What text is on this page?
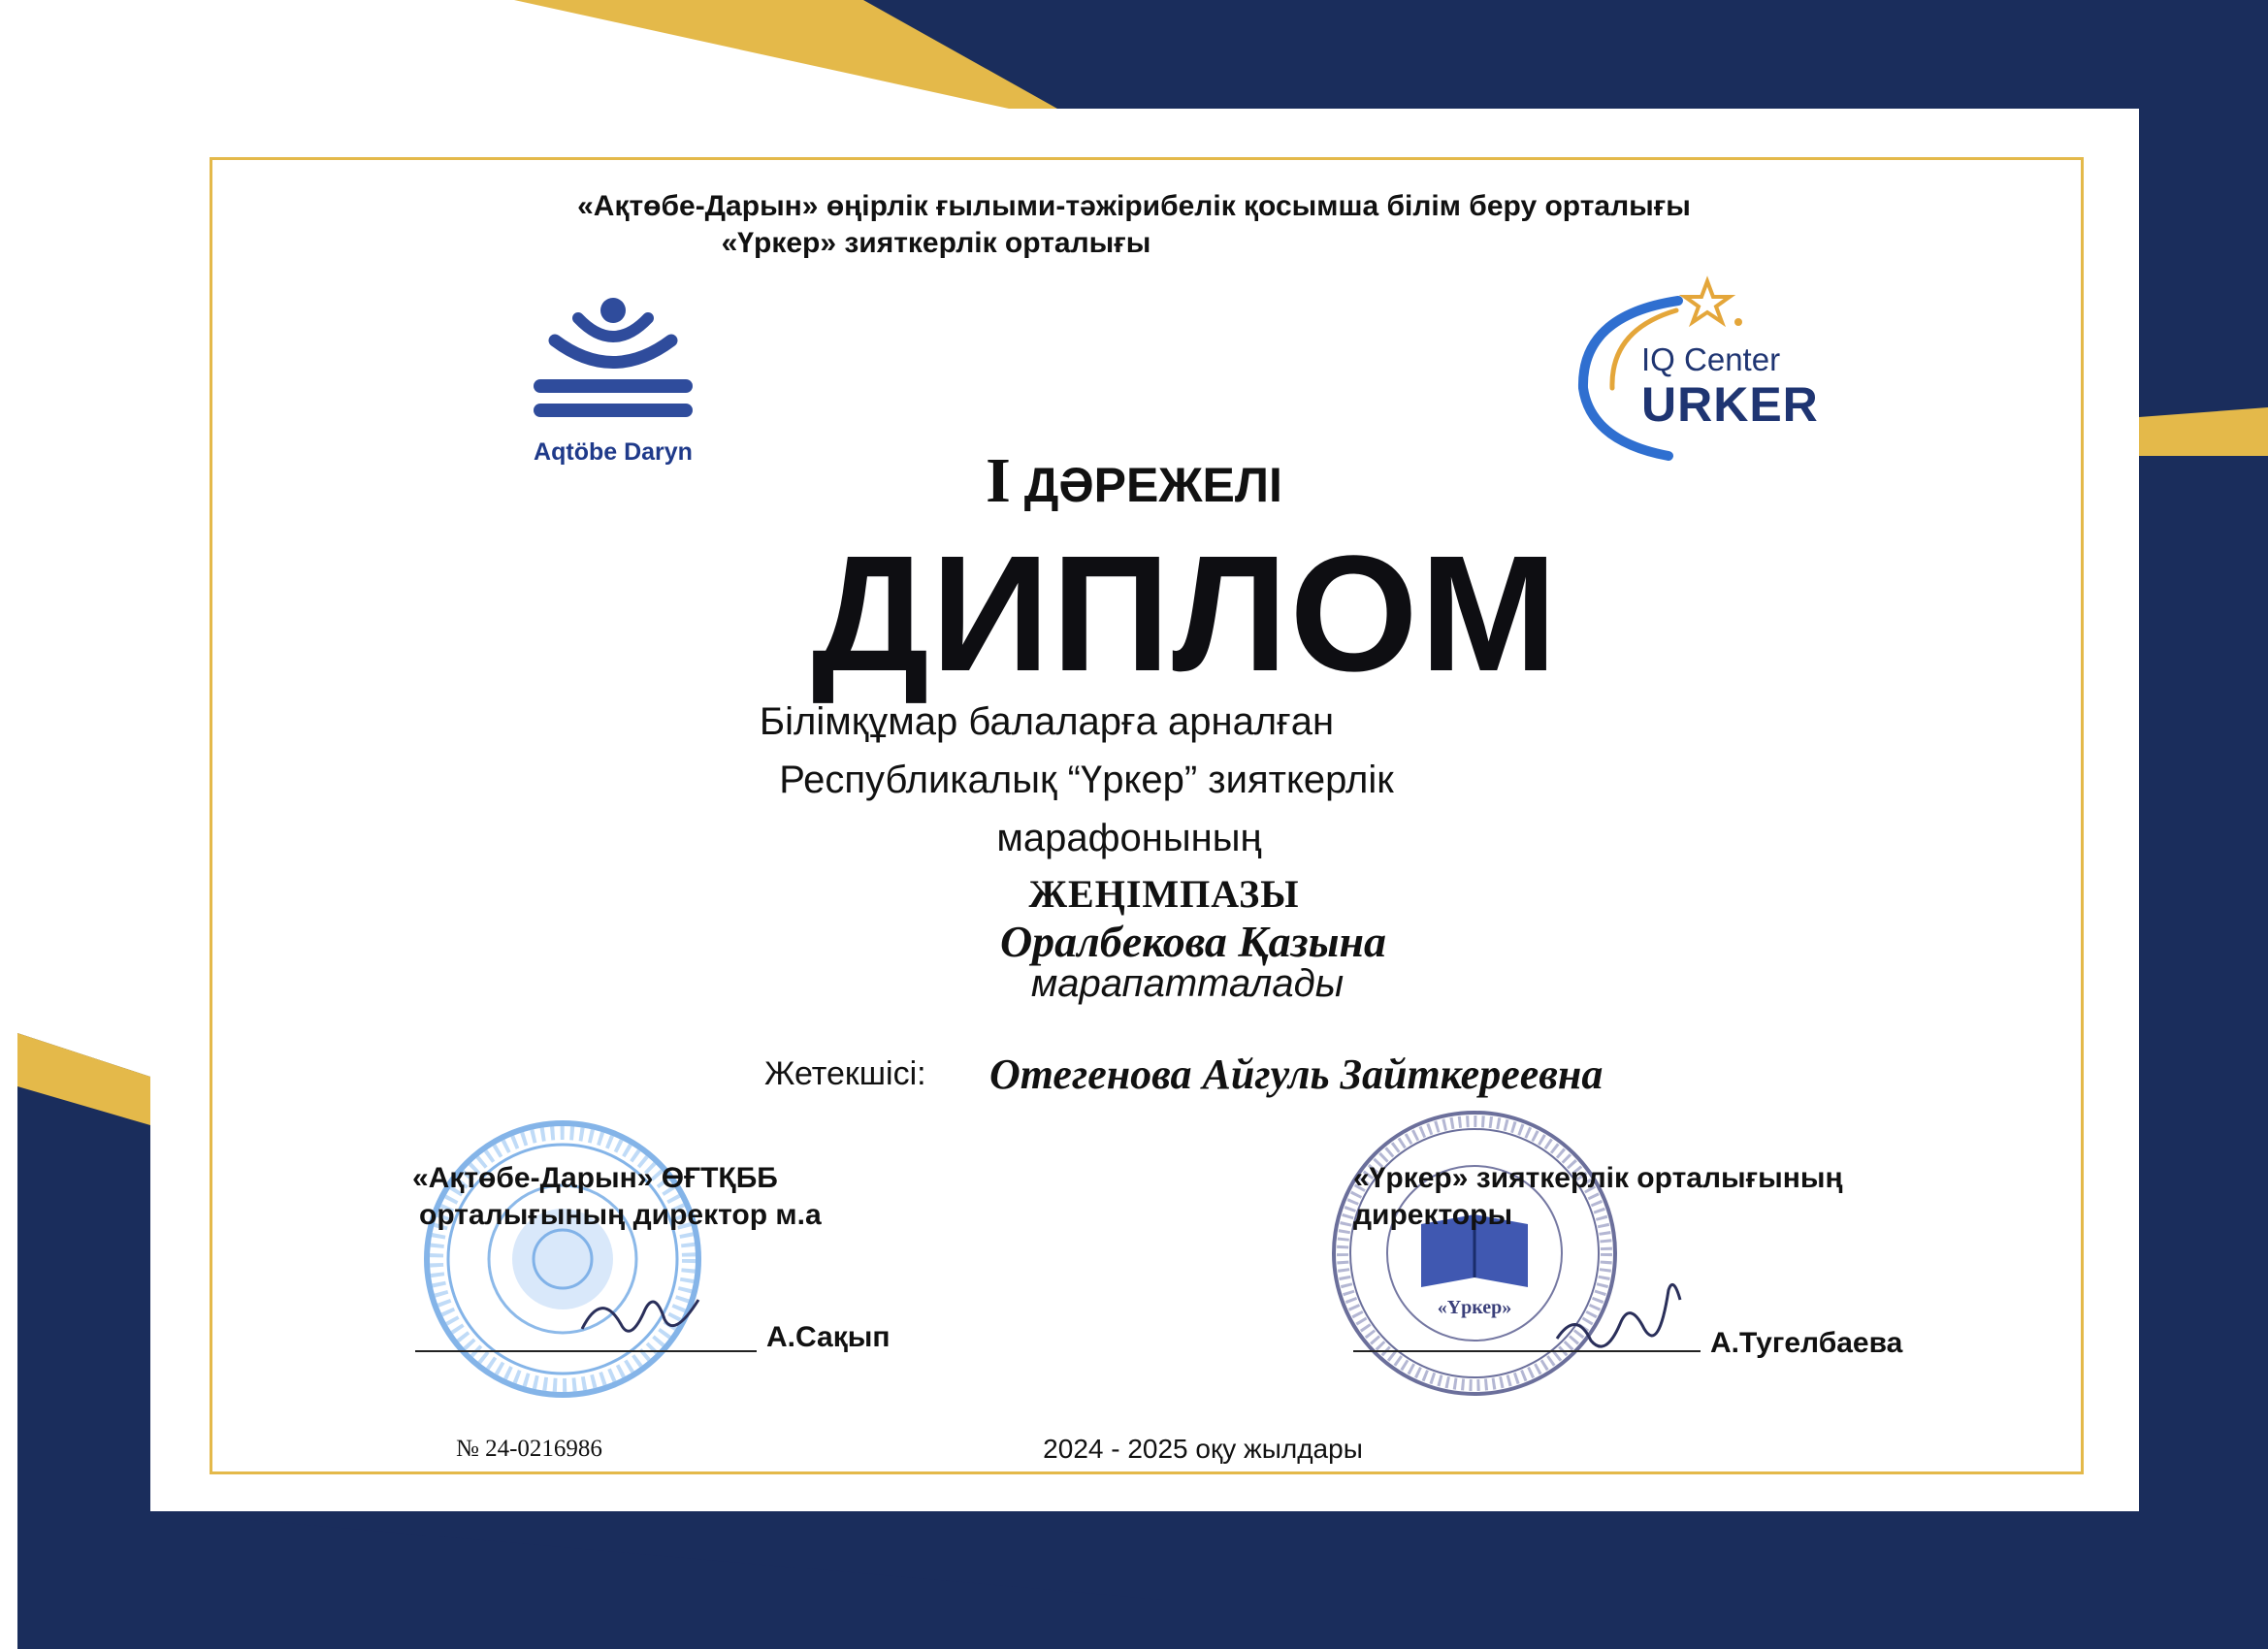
«Ақтөбе-Дарын» өңірлік ғылыми-тәжірибелік қосымша білім беру орталығы
«Үркер» зияткерлік орталығы
Aqtöbe Daryn
IQ Center
URKER
I ДӘРЕЖЕЛІ
ДИПЛОМ
Білімқұмар балаларға арналған
Республикалық “Үркер” зияткерлік
марафонының
ЖЕҢІМПАЗЫ
Оралбекова Қазына
марапатталады
Жетекшісі: Отегенова Айгуль Зайткереевна
«Үркер»
«Ақтөбе-Дарын» ӨҒТҚББ
орталығының директор м.а
А.Сақып
«Үркер» зияткерлік орталығының
директоры
А.Тугелбаева
№ 24-0216986	2024 - 2025 оқу жылдары
